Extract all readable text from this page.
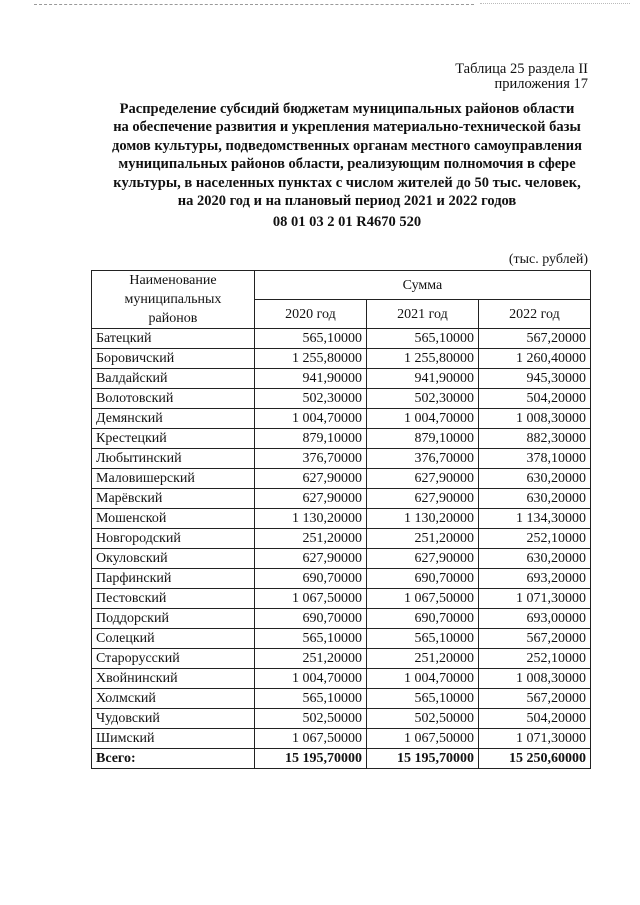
Таблица 25 раздела II
приложения 17
Распределение субсидий бюджетам муниципальных районов области
на обеспечение развития и укрепления материально-технической базы
домов культуры, подведомственных органам местного самоуправления
муниципальных районов области, реализующим полномочия в сфере
культуры, в населенных пунктах с числом жителей до 50 тыс. человек,
на 2020 год и на плановый период 2021 и 2022 годов
08 01 03 2 01 R4670 520
(тыс. рублей)
Наименование
муниципальных
районов	Сумма		
	2020 год	2021 год	2022 год
Батецкий	565,10000	565,10000	567,20000
Боровичский	1 255,80000	1 255,80000	1 260,40000
Валдайский	941,90000	941,90000	945,30000
Волотовский	502,30000	502,30000	504,20000
Демянский	1 004,70000	1 004,70000	1 008,30000
Крестецкий	879,10000	879,10000	882,30000
Любытинский	376,70000	376,70000	378,10000
Маловишерский	627,90000	627,90000	630,20000
Марёвский	627,90000	627,90000	630,20000
Мошенской	1 130,20000	1 130,20000	1 134,30000
Новгородский	251,20000	251,20000	252,10000
Окуловский	627,90000	627,90000	630,20000
Парфинский	690,70000	690,70000	693,20000
Пестовский	1 067,50000	1 067,50000	1 071,30000
Поддорский	690,70000	690,70000	693,00000
Солецкий	565,10000	565,10000	567,20000
Старорусский	251,20000	251,20000	252,10000
Хвойнинский	1 004,70000	1 004,70000	1 008,30000
Холмский	565,10000	565,10000	567,20000
Чудовский	502,50000	502,50000	504,20000
Шимский	1 067,50000	1 067,50000	1 071,30000
Всего:	15 195,70000	15 195,70000	15 250,60000
